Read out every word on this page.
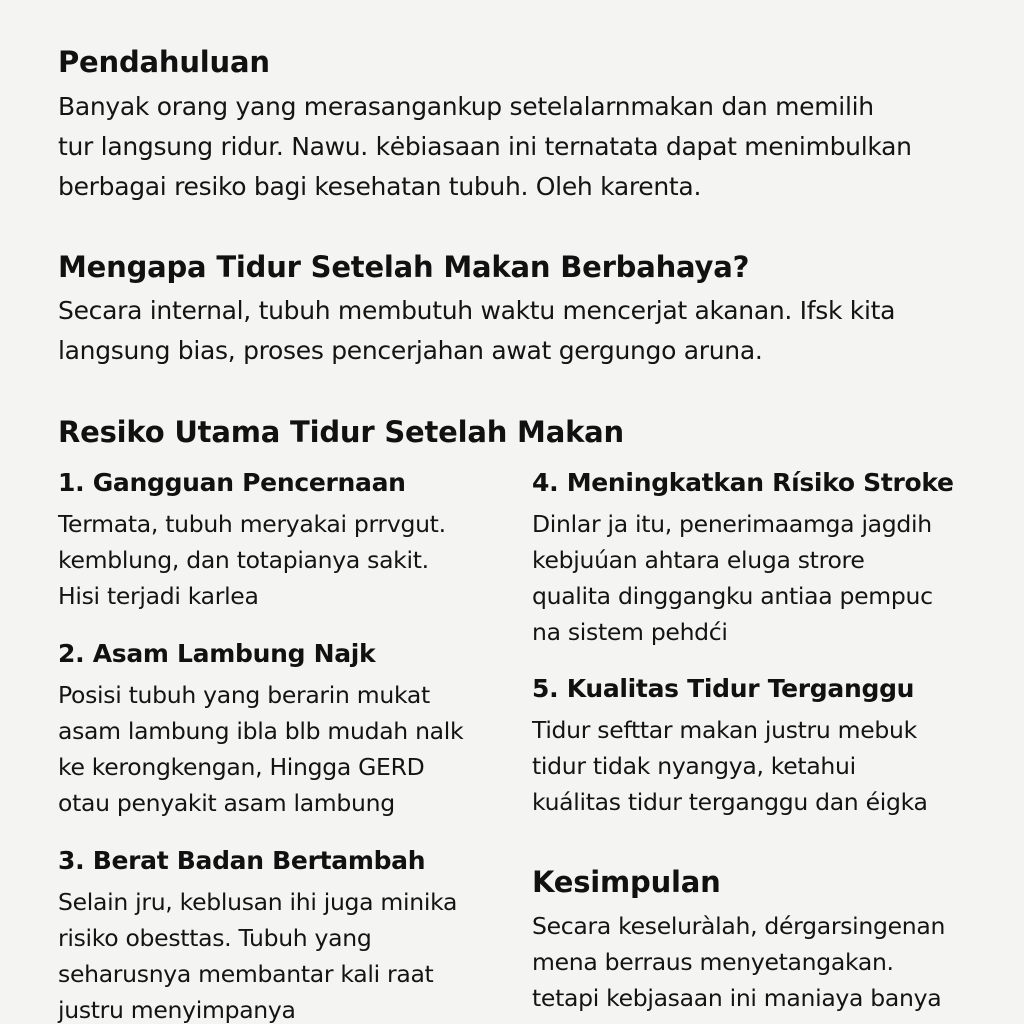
Pendahuluan

Banyak orang yang merasangankup setelalarnmakan dan memilih
tur langsung ridur. Nawu. kėbiasaan ini ternatata dapat menimbulkan
berbagai resiko bagi kesehatan tubuh. Oleh karenta.

Mengapa Tidur Setelah Makan Berbahaya?

Secara internal, tubuh membutuh waktu mencerjat akanan. Ifsk kita
langsung bias, proses pencerjahan awat gergungo aruna.

Resiko Utama Tidur Setelah Makan
1. Gangguan Pencernaan

Termata, tubuh meryakai prrvgut.
kemblung, dan totapianya sakit.
Hisi terjadi karlea

2. Asam Lambung Najk

Posisi tubuh yang berarin mukat
asam lambung ibla blb mudah nalk
ke kerongkengan, Hingga GERD
otau penyakit asam lambung

3. Berat Badan Bertambah

Selain jru, keblusan ihi juga minika
risiko obesttas. Tubuh yang
seharusnya membantar kali raat
justru menyimpanya

4. Meningkatkan Rísiko Stroke

Dinlar ja itu, penerimaamga jagdih
kebjuúan ahtara eluga strore
qualita dinggangku antiaa pempuc
na sistem pehdći

5. Kualitas Tidur Terganggu

Tidur sefttar makan justru mebuk
tidur tidak nyangya, ketahui
kuálitas tidur terganggu dan éigka

Kesimpulan

Secara keseluràlah, dérgarsingenan
mena berraus menyetangakan.
tetapi kebjasaan ini maniaya banya
